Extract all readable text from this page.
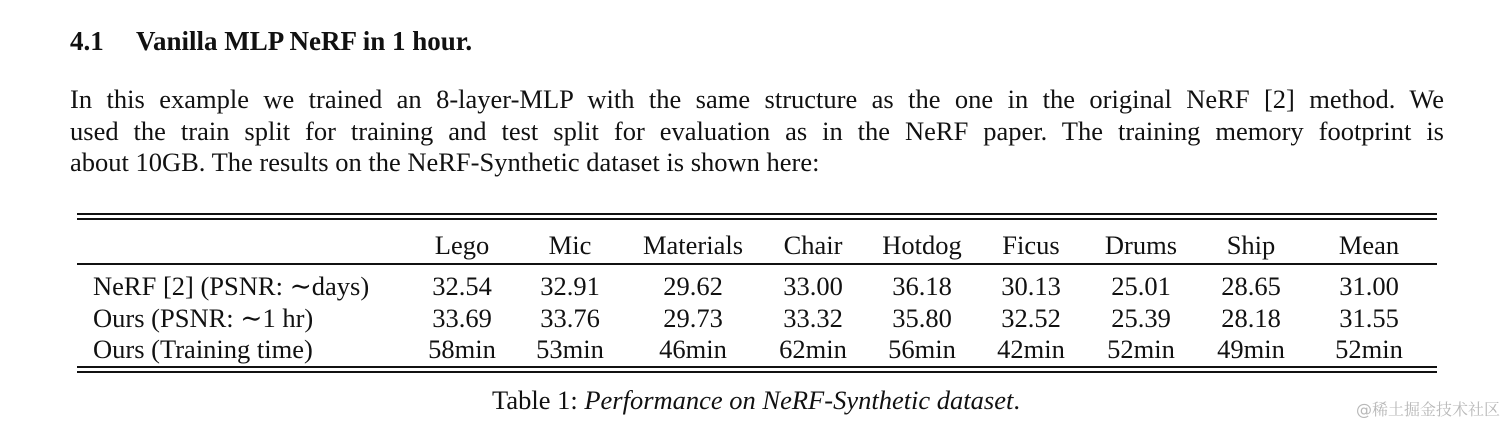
4.1 Vanilla MLP NeRF in 1 hour.
In this example we trained an 8-layer-MLP with the same structure as the one in the original NeRF [2] method. We
used the train split for training and test split for evaluation as in the NeRF paper. The training memory footprint is
about 10GB. The results on the NeRF-Synthetic dataset is shown here:
	Lego	Mic	Materials	Chair	Hotdog	Ficus	Drums	Ship	Mean
NeRF [2] (PSNR: ∼days)	32.54	32.91	29.62	33.00	36.18	30.13	25.01	28.65	31.00
Ours (PSNR: ∼1 hr)	33.69	33.76	29.73	33.32	35.80	32.52	25.39	28.18	31.55
Ours (Training time)	58min	53min	46min	62min	56min	42min	52min	49min	52min
Table 1: Performance on NeRF-Synthetic dataset.	@稀土掘金技术社区
